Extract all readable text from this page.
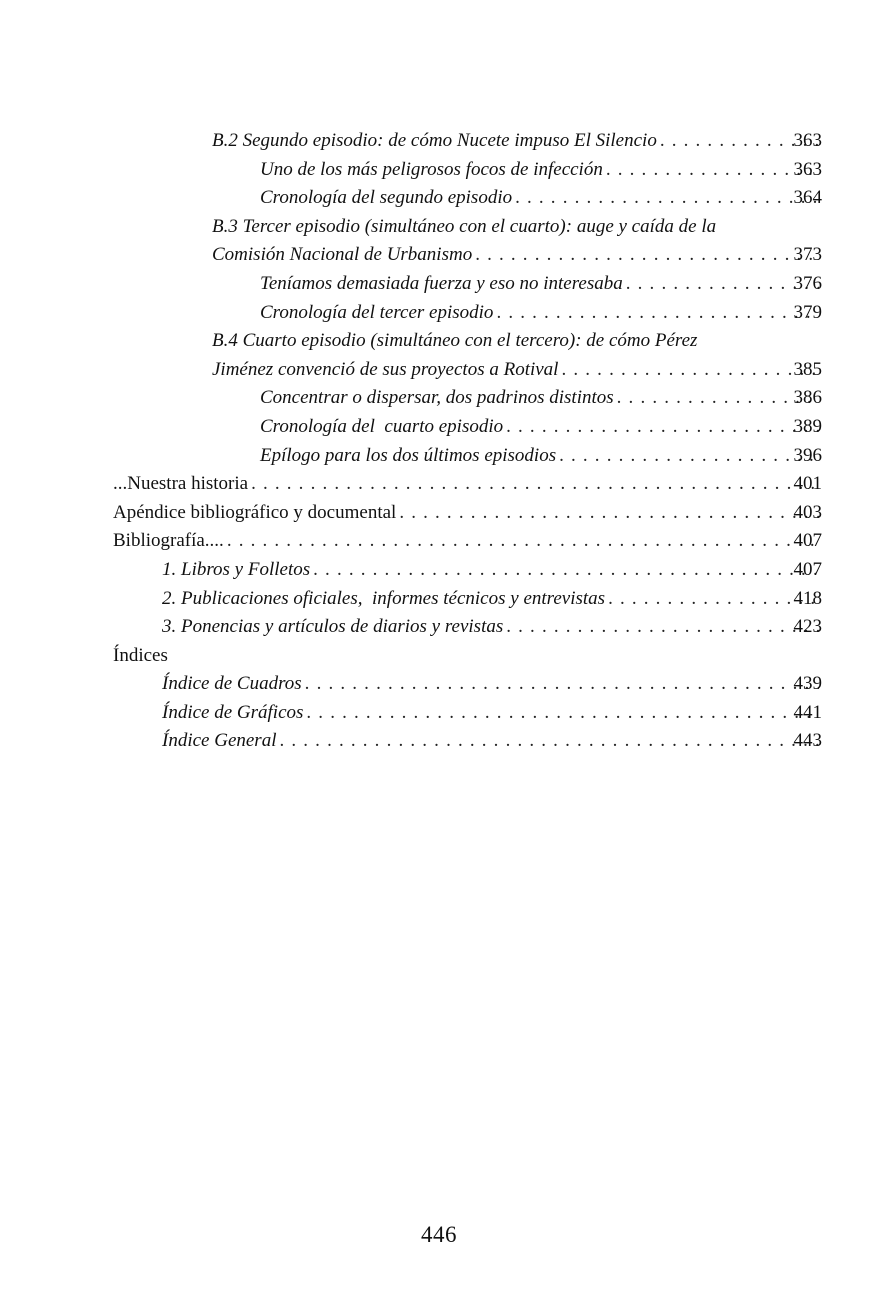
B.2 Segundo episodio: de cómo Nucete impuso El Silencio . . .	363
Uno de los más peligrosos focos de infección . . .	363
Cronología del segundo episodio . . .	364
B.3 Tercer episodio (simultáneo con el cuarto): auge y caída de la
Comisión Nacional de Urbanismo . . .	373
Teníamos demasiada fuerza y eso no interesaba . . .	376
Cronología del tercer episodio . . .	379
B.4 Cuarto episodio (simultáneo con el tercero): de cómo Pérez
Jiménez convenció de sus proyectos a Rotival . . .	385
Concentrar o dispersar, dos padrinos distintos . . .	386
Cronología del  cuarto episodio . . .	389
Epílogo para los dos últimos episodios . . .	396
...Nuestra historia . . .	401
Apéndice bibliográfico y documental . . .	403
Bibliografía.... . . .	407
1. Libros y Folletos . . .	407
2. Publicaciones oficiales,  informes técnicos y entrevistas . . .	418
3. Ponencias y artículos de diarios y revistas . . .	423
Índices
Índice de Cuadros . . .	439
Índice de Gráficos . . .	441
Índice General . . .	443
446
